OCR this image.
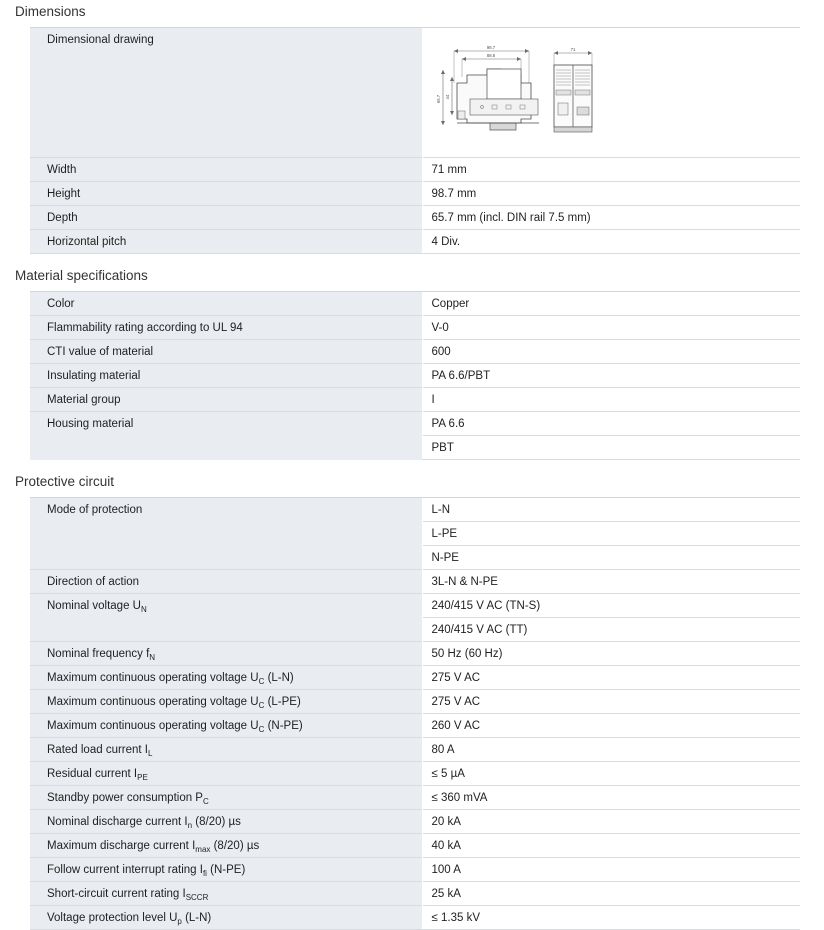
Dimensions
Dimensional drawing	98.7
88.6
71
65.7 44

Width	71 mm
Height	98.7 mm
Depth	65.7 mm (incl. DIN rail 7.5 mm)
Horizontal pitch	4 Div.
Material specifications
Color	Copper
Flammability rating according to UL 94	V-0
CTI value of material	600
Insulating material	PA 6.6/PBT
Material group	I
Housing material	PA 6.6
	PBT
Protective circuit
Mode of protection	L-N
	L-PE
	N-PE
Direction of action	3L-N & N-PE
Nominal voltage $U_N$	240/415 V AC (TN-S)
	240/415 V AC (TT)
Nominal frequency $f_N$	50 Hz (60 Hz)
Maximum continuous operating voltage $U_C$ (L-N)	275 V AC
Maximum continuous operating voltage $U_C$ (L-PE)	275 V AC
Maximum continuous operating voltage $U_C$ (N-PE)	260 V AC
Rated load current $I_L$	80 A
Residual current $I_{PE}$	≤ 5 µA
Standby power consumption $P_C$	≤ 360 mVA
Nominal discharge current $I_n$ (8/20) µs	20 kA
Maximum discharge current $I_{max}$ (8/20) µs	40 kA
Follow current interrupt rating $I_{fi}$ (N-PE)	100 A
Short-circuit current rating $I_{SCCR}$	25 kA
Voltage protection level $U_p$ (L-N)	≤ 1.35 kV
